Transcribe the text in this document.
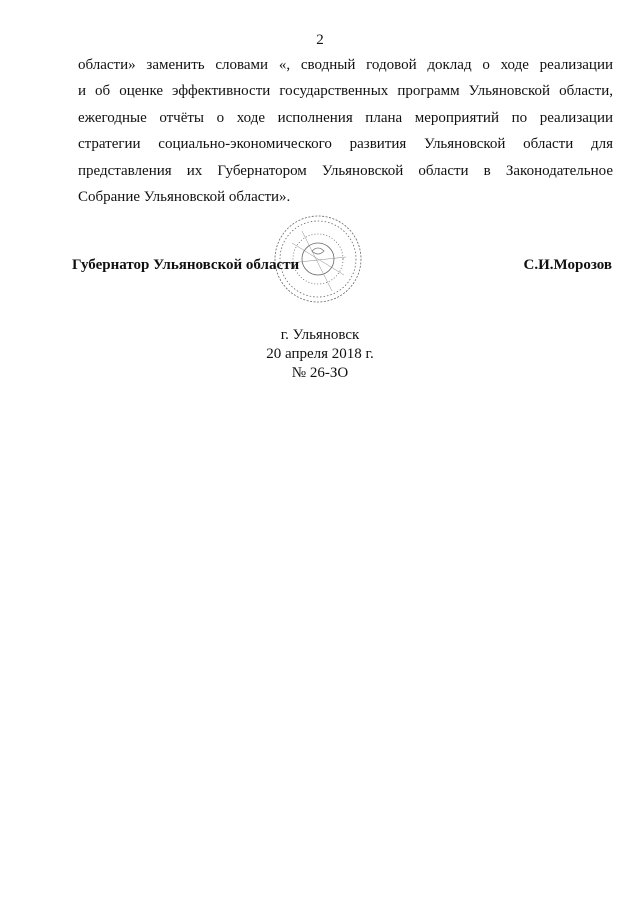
2
области» заменить словами «, сводный годовой доклад о ходе реализации
и об оценке эффективности государственных программ Ульяновской области,
ежегодные отчёты о ходе исполнения плана мероприятий по реализации
стратегии социально-экономического развития Ульяновской области для
представления их Губернатором Ульяновской области в Законодательное
Собрание Ульяновской области».
Губернатор Ульяновской области	С.И.Морозов
г. Ульяновск
20 апреля 2018 г.
№ 26-ЗО
